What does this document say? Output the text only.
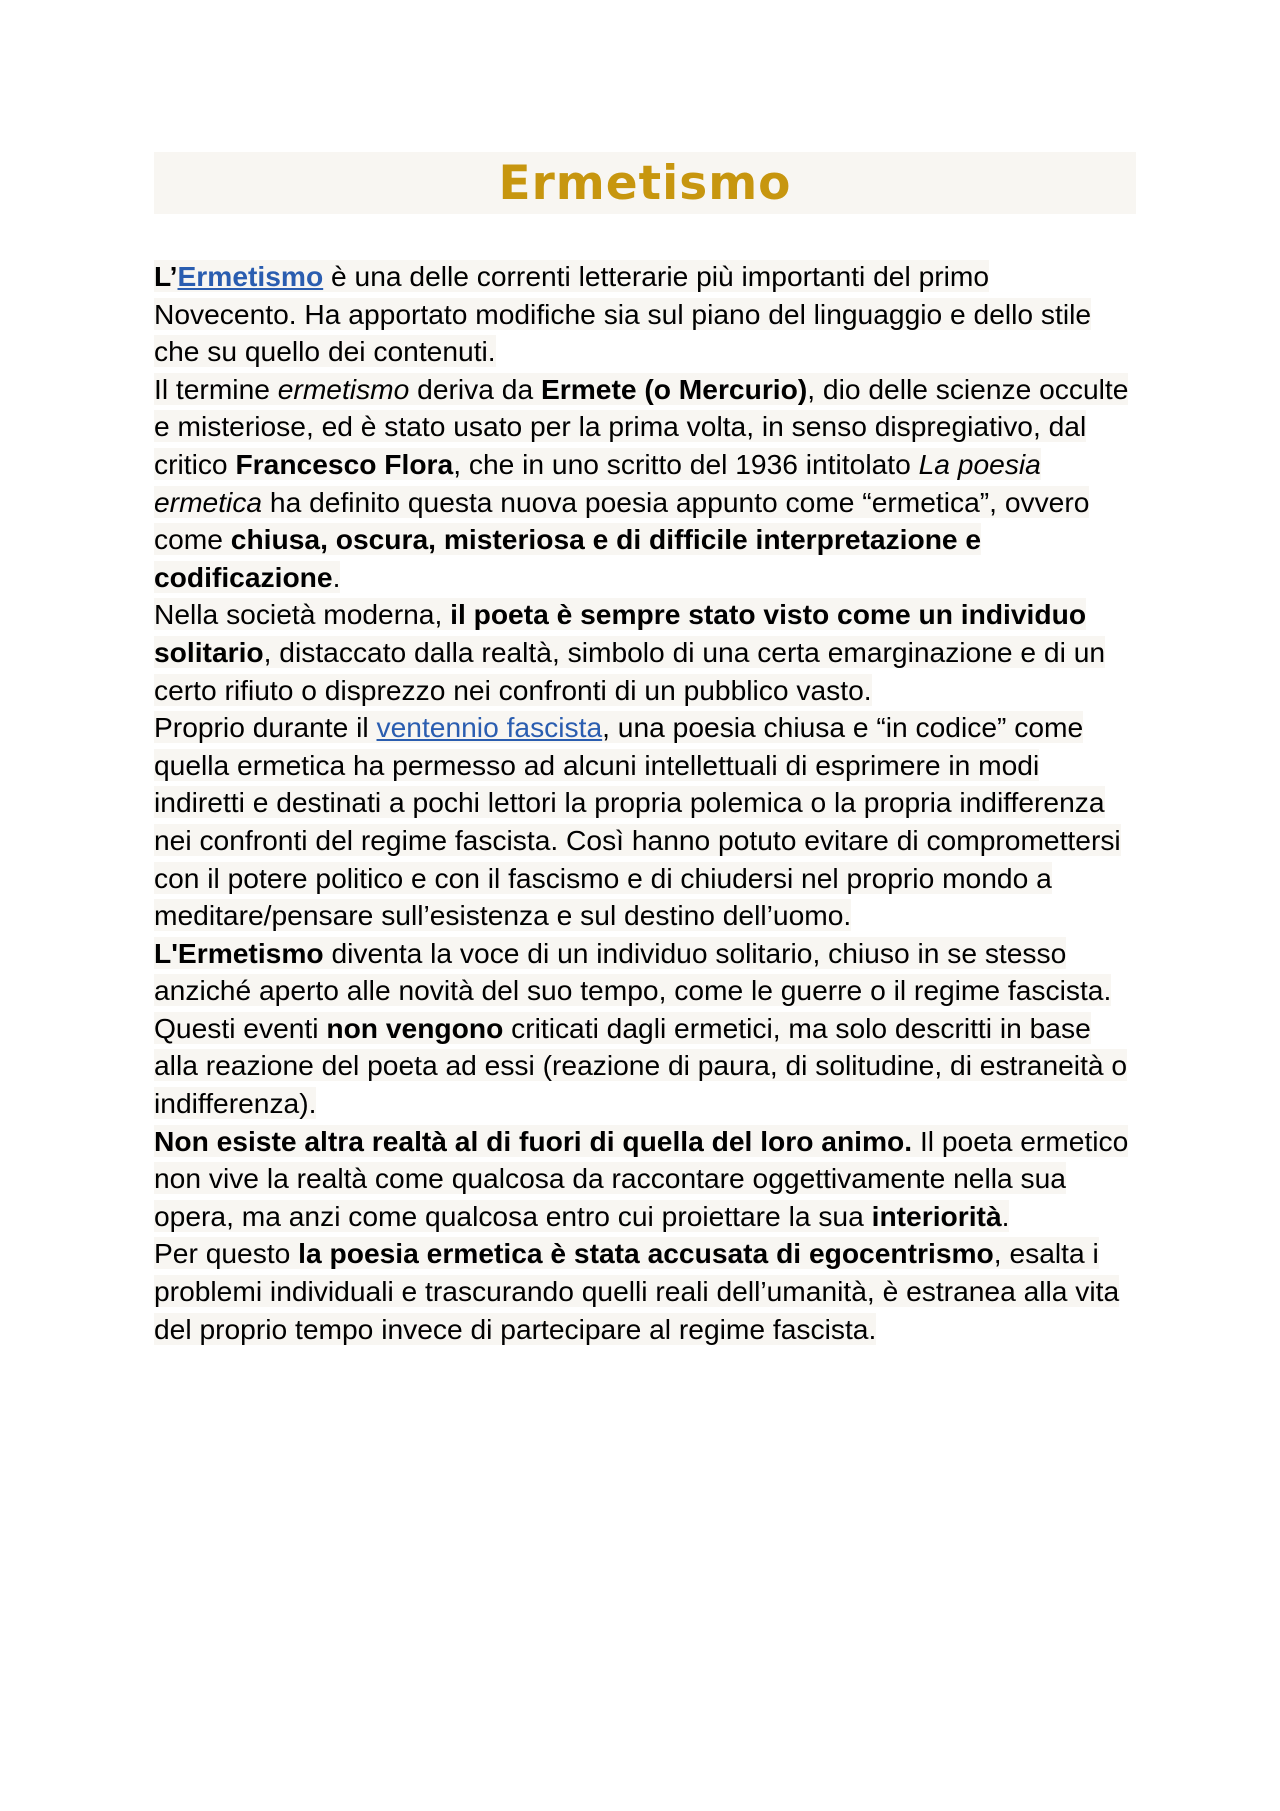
Ermetismo

L’Ermetismo è una delle correnti letterarie più importanti del primo Novecento. Ha apportato modifiche sia sul piano del linguaggio e dello stile che su quello dei contenuti.

Il termine ermetismo deriva da Ermete (o Mercurio), dio delle scienze occulte e misteriose, ed è stato usato per la prima volta, in senso dispregiativo, dal critico Francesco Flora, che in uno scritto del 1936 intitolato La poesia ermetica ha definito questa nuova poesia appunto come “ermetica”, ovvero come chiusa, oscura, misteriosa e di difficile interpretazione e codificazione.

Nella società moderna, il poeta è sempre stato visto come un individuo solitario, distaccato dalla realtà, simbolo di una certa emarginazione e di un certo rifiuto o disprezzo nei confronti di un pubblico vasto.

Proprio durante il ventennio fascista, una poesia chiusa e “in codice” come quella ermetica ha permesso ad alcuni intellettuali di esprimere in modi indiretti e destinati a pochi lettori la propria polemica o la propria indifferenza nei confronti del regime fascista. Così hanno potuto evitare di compromettersi con il potere politico e con il fascismo e di chiudersi nel proprio mondo a meditare/pensare sull’esistenza e sul destino dell’uomo.

L'Ermetismo diventa la voce di un individuo solitario, chiuso in se stesso anziché aperto alle novità del suo tempo, come le guerre o il regime fascista.

Questi eventi non vengono criticati dagli ermetici, ma solo descritti in base alla reazione del poeta ad essi (reazione di paura, di solitudine, di estraneità o indifferenza).

Non esiste altra realtà al di fuori di quella del loro animo. Il poeta ermetico non vive la realtà come qualcosa da raccontare oggettivamente nella sua opera, ma anzi come qualcosa entro cui proiettare la sua interiorità.

Per questo la poesia ermetica è stata accusata di egocentrismo, esalta i problemi individuali e trascurando quelli reali dell’umanità, è estranea alla vita del proprio tempo invece di partecipare al regime fascista.
